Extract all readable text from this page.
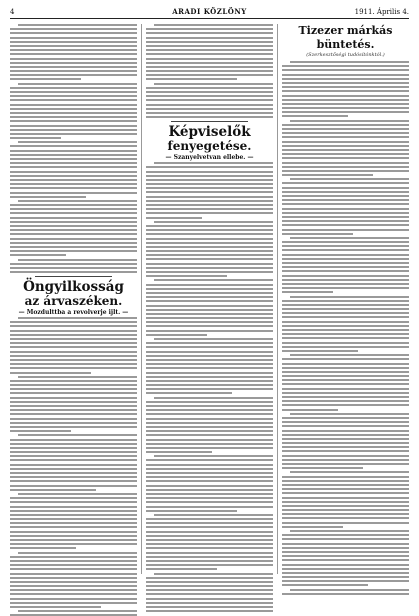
4	ARADI KÖZLÖNY	1911. Április 4.
Öngyilkosság
az árvaszéken.
— Mozdulttba a revolverje ijlt. —
Képviselők
fenyegetése.
— Szanyelvetvan ellebe. —
Tizezer márkás büntetés.
(Szerkesztőségi tudósítónktól.)
